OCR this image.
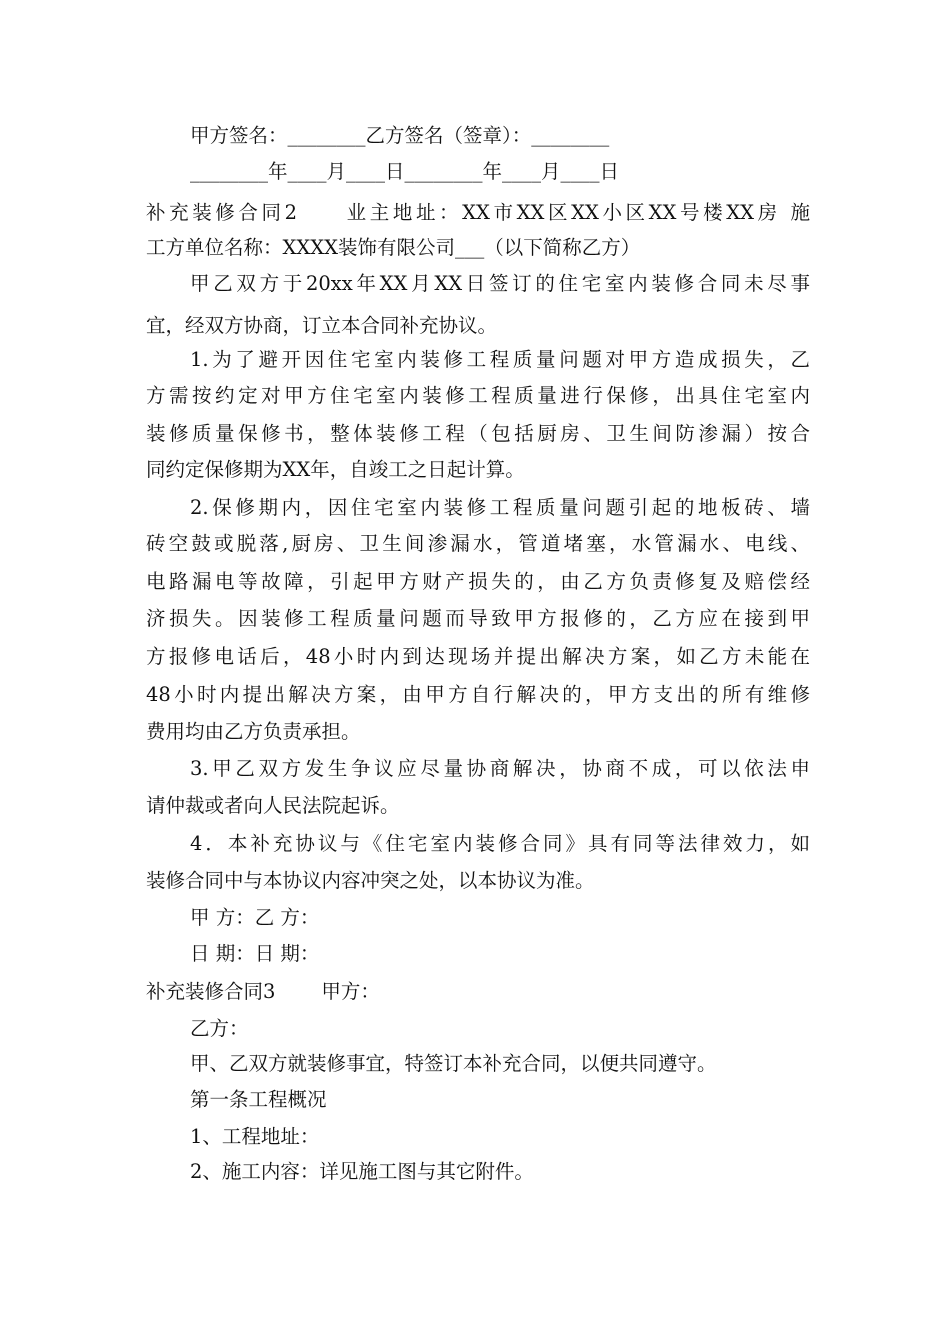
甲方签名：________乙方签名（签章）：________
________年____月____日________年____月____日
补充装修合同2 业主地址：XX市XX区XX小区XX号楼XX房 施
工方单位名称：XXXX装饰有限公司___（以下简称乙方）
甲乙双方于20xx年XX月XX日签订的住宅室内装修合同未尽事
宜，经双方协商，订立本合同补充协议。
1.为了避开因住宅室内装修工程质量问题对甲方造成损失，乙
方需按约定对甲方住宅室内装修工程质量进行保修，出具住宅室内
装修质量保修书，整体装修工程（包括厨房、卫生间防渗漏）按合
同约定保修期为XX年，自竣工之日起计算。
2.保修期内，因住宅室内装修工程质量问题引起的地板砖、墙
砖空鼓或脱落,厨房、卫生间渗漏水，管道堵塞，水管漏水、电线、
电路漏电等故障，引起甲方财产损失的，由乙方负责修复及赔偿经
济损失。因装修工程质量问题而导致甲方报修的，乙方应在接到甲
方报修电话后，48小时内到达现场并提出解决方案，如乙方未能在
48小时内提出解决方案，由甲方自行解决的，甲方支出的所有维修
费用均由乙方负责承担。
3.甲乙双方发生争议应尽量协商解决，协商不成，可以依法申
请仲裁或者向人民法院起诉。
4．本补充协议与《住宅室内装修合同》具有同等法律效力，如
装修合同中与本协议内容冲突之处，以本协议为准。
甲 方：乙 方：
日 期：日 期：
补充装修合同3 甲方：
乙方：
甲、乙双方就装修事宜，特签订本补充合同，以便共同遵守。
第一条工程概况
1、工程地址：
2、施工内容：详见施工图与其它附件。
